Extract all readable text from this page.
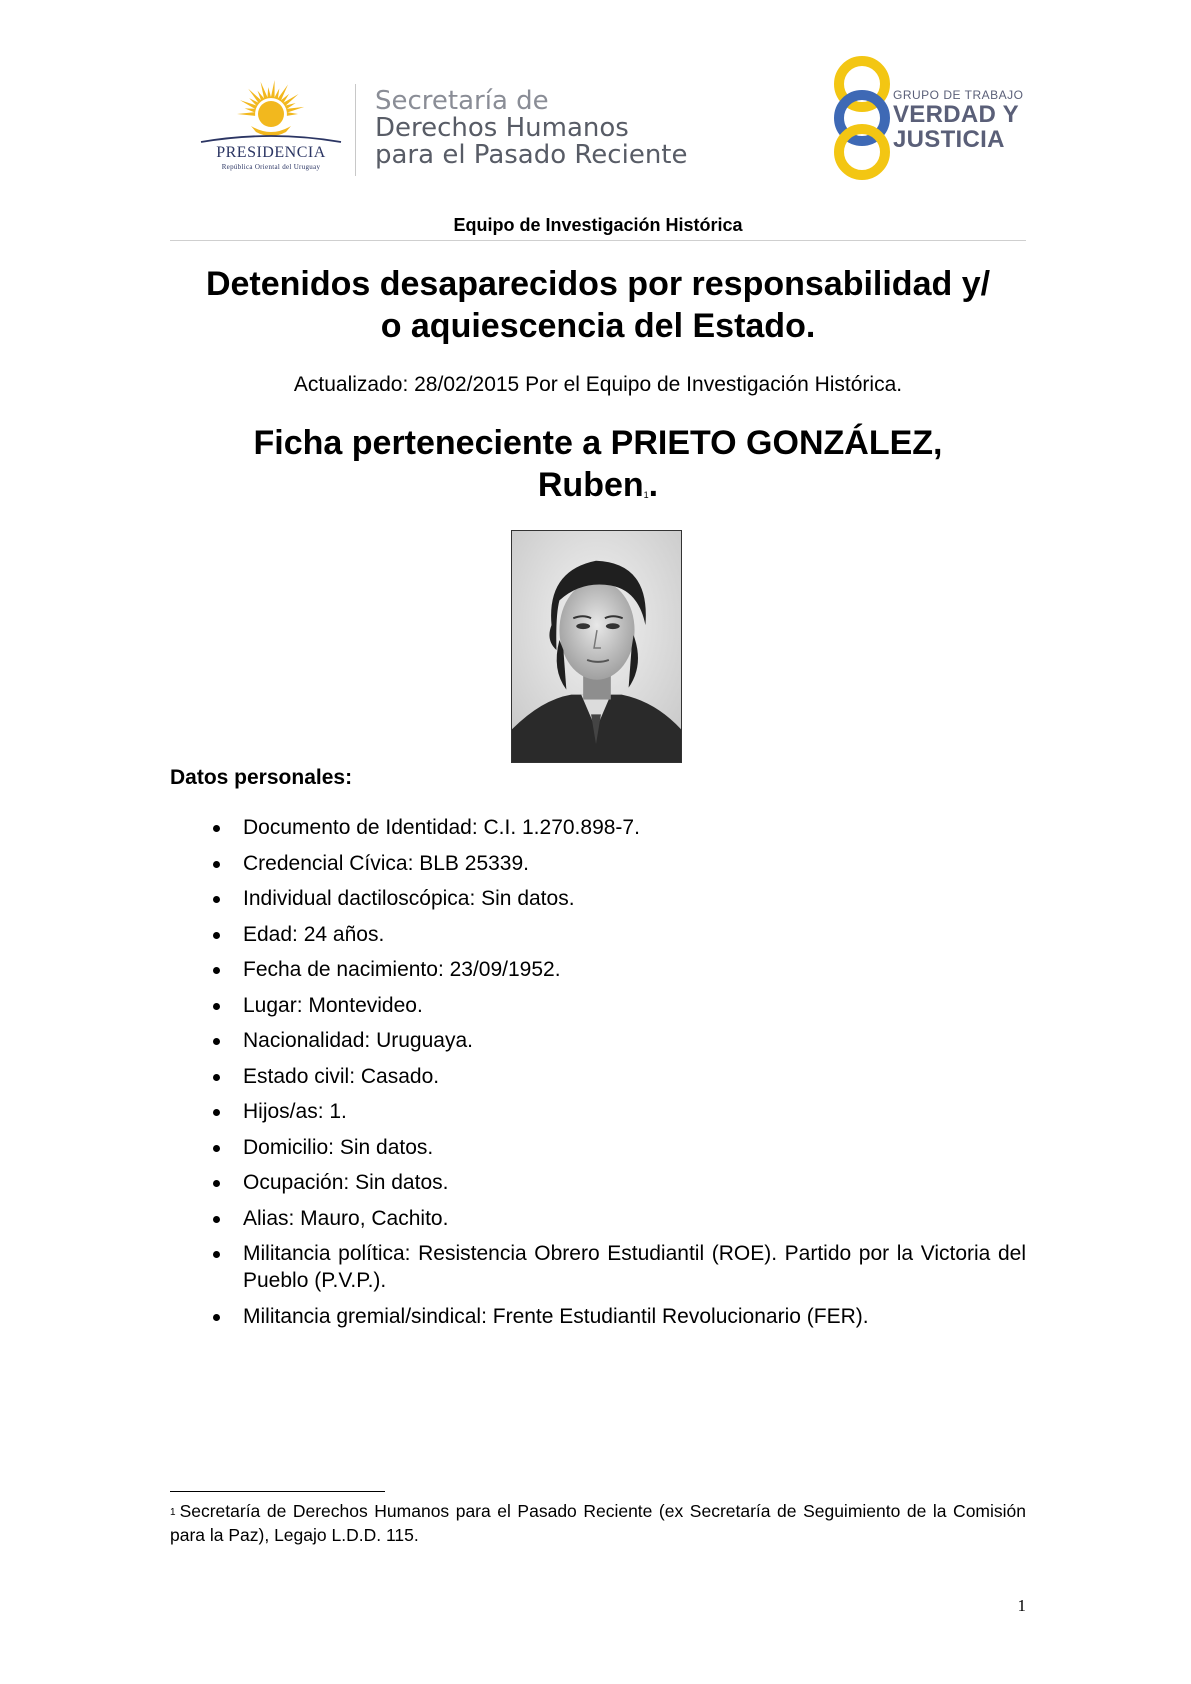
PRESIDENCIA
República Oriental del Uruguay
Secretaría de
Derechos Humanos
para el Pasado Reciente
GRUPO DE TRABAJO
VERDAD Y
JUSTICIA
Equipo de Investigación Histórica
Detenidos desaparecidos por responsabilidad y/
o aquiescencia del Estado.
Actualizado: 28/02/2015 Por el Equipo de Investigación Histórica.
Ficha perteneciente a PRIETO GONZÁLEZ,
Ruben$^1$.
Datos personales:
Documento de Identidad: C.I. 1.270.898-7.
Credencial Cívica: BLB 25339.
Individual dactiloscópica: Sin datos.
Edad: 24 años.
Fecha de nacimiento: 23/09/1952.
Lugar: Montevideo.
Nacionalidad: Uruguaya.
Estado civil: Casado.
Hijos/as: 1.
Domicilio: Sin datos.
Ocupación: Sin datos.
Alias: Mauro, Cachito.
Militancia política: Resistencia Obrero Estudiantil (ROE). Partido por la Victoria del Pueblo (P.V.P.).
Militancia gremial/sindical: Frente Estudiantil Revolucionario (FER).
$^1$ Secretaría de Derechos Humanos para el Pasado Reciente (ex Secretaría de Seguimiento de la Comisión para la Paz), Legajo L.D.D. 115.
1
